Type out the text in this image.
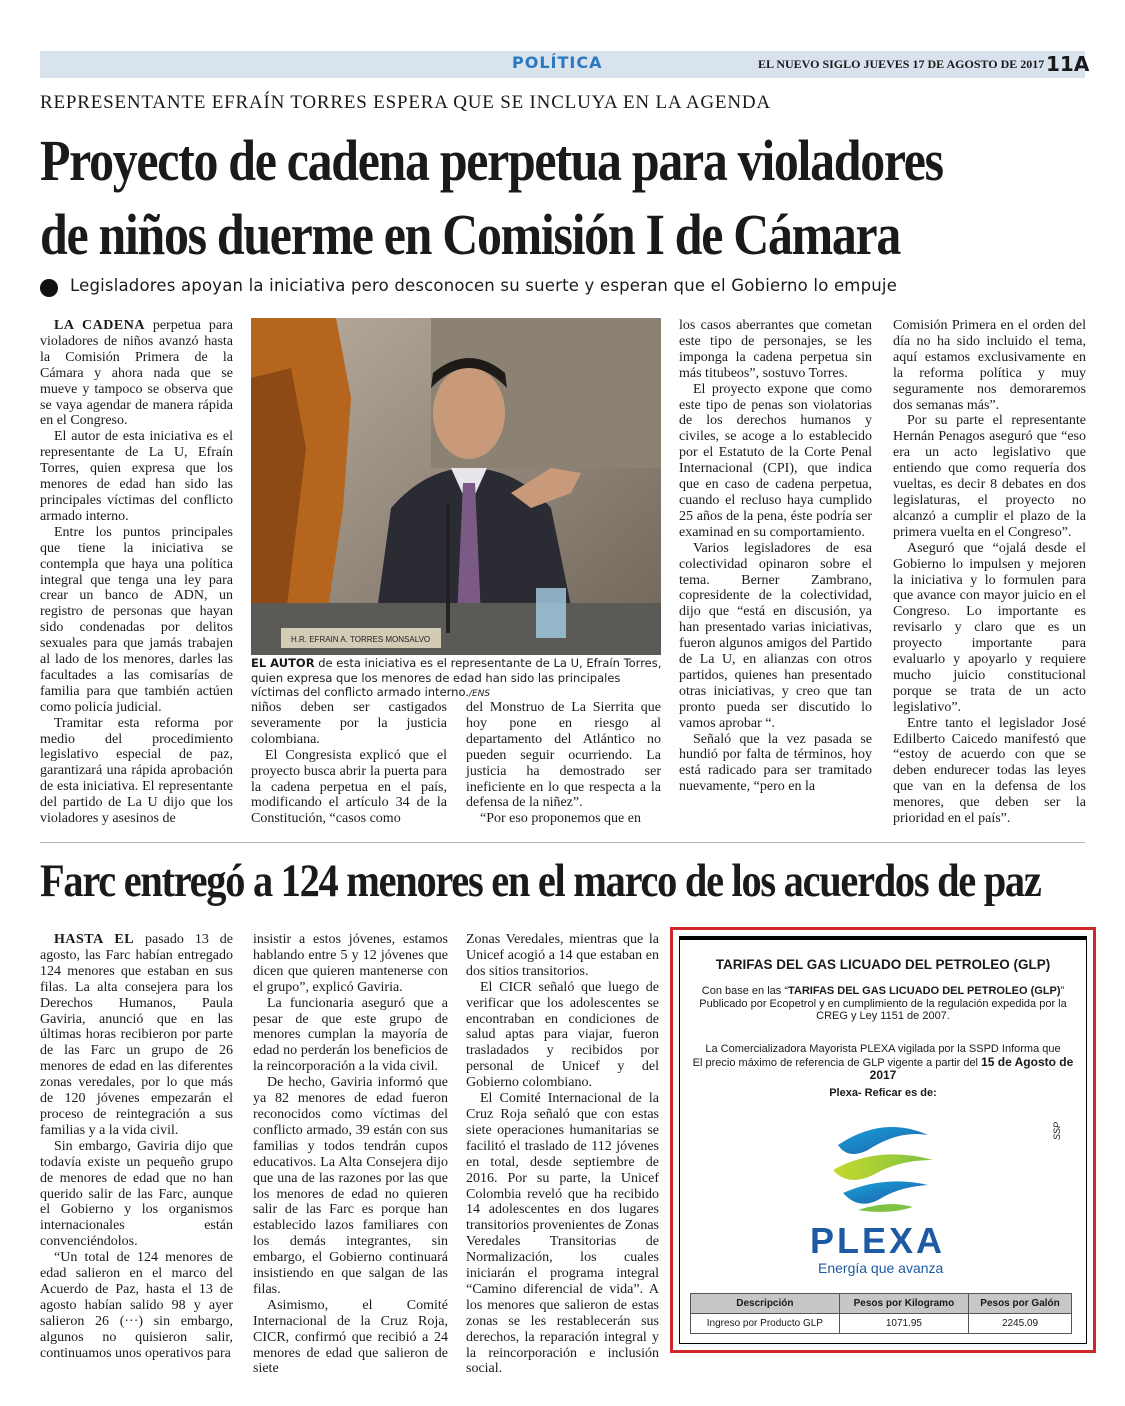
POLÍTICA	EL NUEVO SIGLO JUEVES 17 DE AGOSTO DE 2017 11A
REPRESENTANTE EFRAÍN TORRES ESPERA QUE SE INCLUYA EN LA AGENDA
Proyecto de cadena perpetua para violadores
de niños duerme en Comisión I de Cámara
Legisladores apoyan la iniciativa pero desconocen su suerte y esperan que el Gobierno lo empuje

LA CADENA perpetua para violadores de niños avanzó hasta la Comisión Primera de la Cámara y ahora nada que se mueve y tampoco se observa que se vaya agendar de manera rápida en el Congreso.

El autor de esta iniciativa es el representante de La U, Efraín Torres, quien expresa que los menores de edad han sido las principales víctimas del conflicto armado interno.

Entre los puntos principales que tiene la iniciativa se contempla que haya una política integral que tenga una ley para crear un banco de ADN, un registro de personas que hayan sido condenadas por delitos sexuales para que jamás trabajen al lado de los menores, darles las facultades a las comisarías de familia para que también actúen como policía judicial.

Tramitar esta reforma por medio del procedimiento legislativo especial de paz, garantizará una rápida aprobación de esta iniciativa. El representante del partido de La U dijo que los violadores y asesinos de

H.R. EFRAIN A. TORRES MONSALVO
EL AUTOR de esta iniciativa es el representante de La U, Efraín Torres, quien expresa que los menores de edad han sido las principales víctimas del conflicto armado interno./ENS

niños deben ser castigados severamente por la justicia colombiana.

El Congresista explicó que el proyecto busca abrir la puerta para la cadena perpetua en el país, modificando el artículo 34 de la Constitución, “casos como

del Monstruo de La Sierrita que hoy pone en riesgo al departamento del Atlántico no pueden seguir ocurriendo. La justicia ha demostrado ser ineficiente en lo que respecta a la defensa de la niñez”.

“Por eso proponemos que en

los casos aberrantes que cometan este tipo de personajes, se les imponga la cadena perpetua sin más titubeos”, sostuvo Torres.

El proyecto expone que como este tipo de penas son violatorias de los derechos humanos y civiles, se acoge a lo establecido por el Estatuto de la Corte Penal Internacional (CPI), que indica que en caso de cadena perpetua, cuando el recluso haya cumplido 25 años de la pena, éste podría ser examinad en su comportamiento.

Varios legisladores de esa colectividad opinaron sobre el tema. Berner Zambrano, copresidente de la colectividad, dijo que “está en discusión, ya han presentado varias iniciativas, fueron algunos amigos del Partido de La U, en alianzas con otros partidos, quienes han presentado otras iniciativas, y creo que tan pronto pueda ser discutido lo vamos aprobar “.

Señaló que la vez pasada se hundió por falta de términos, hoy está radicado para ser tramitado nuevamente, “pero en la

Comisión Primera en el orden del día no ha sido incluido el tema, aquí estamos exclusivamente en la reforma política y muy seguramente nos demoraremos dos semanas más”.

Por su parte el representante Hernán Penagos aseguró que “eso era un acto legislativo que entiendo que como requería dos vueltas, es decir 8 debates en dos legislaturas, el proyecto no alcanzó a cumplir el plazo de la primera vuelta en el Congreso”.

Aseguró que “ojalá desde el Gobierno lo impulsen y mejoren la iniciativa y lo formulen para que avance con mayor juicio en el Congreso. Lo importante es revisarlo y claro que es un proyecto importante para evaluarlo y apoyarlo y requiere mucho juicio constitucional porque se trata de un acto legislativo”.

Entre tanto el legislador José Edilberto Caicedo manifestó que “estoy de acuerdo con que se deben endurecer todas las leyes que van en la defensa de los menores, que deben ser la prioridad en el país”.

Farc entregó a 124 menores en el marco de los acuerdos de paz

HASTA EL pasado 13 de agosto, las Farc habían entregado 124 menores que estaban en sus filas. La alta consejera para los Derechos Humanos, Paula Gaviria, anunció que en las últimas horas recibieron por parte de las Farc un grupo de 26 menores de edad en las diferentes zonas veredales, por lo que más de 120 jóvenes empezarán el proceso de reintegración a sus familias y a la vida civil.

Sin embargo, Gaviria dijo que todavía existe un pequeño grupo de menores de edad que no han querido salir de las Farc, aunque el Gobierno y los organismos internacionales están convenciéndolos.

“Un total de 124 menores de edad salieron en el marco del Acuerdo de Paz, hasta el 13 de agosto habían salido 98 y ayer salieron 26 (···) sin embargo, algunos no quisieron salir, continuamos unos operativos para

insistir a estos jóvenes, estamos hablando entre 5 y 12 jóvenes que dicen que quieren mantenerse con el grupo”, explicó Gaviria.

La funcionaria aseguró que a pesar de que este grupo de menores cumplan la mayoría de edad no perderán los beneficios de la reincorporación a la vida civil.

De hecho, Gaviria informó que ya 82 menores de edad fueron reconocidos como víctimas del conflicto armado, 39 están con sus familias y todos tendrán cupos educativos. La Alta Consejera dijo que una de las razones por las que los menores de edad no quieren salir de las Farc es porque han establecido lazos familiares con los demás integrantes, sin embargo, el Gobierno continuará insistiendo en que salgan de las filas.

Asimismo, el Comité Internacional de la Cruz Roja, CICR, confirmó que recibió a 24 menores de edad que salieron de siete

Zonas Veredales, mientras que la Unicef acogió a 14 que estaban en dos sitios transitorios.

El CICR señaló que luego de verificar que los adolescentes se encontraban en condiciones de salud aptas para viajar, fueron trasladados y recibidos por personal de Unicef y del Gobierno colombiano.

El Comité Internacional de la Cruz Roja señaló que con estas siete operaciones humanitarias se facilitó el traslado de 112 jóvenes en total, desde septiembre de 2016. Por su parte, la Unicef Colombia reveló que ha recibido 14 adolescentes en dos lugares transitorios provenientes de Zonas Veredales Transitorias de Normalización, los cuales iniciarán el programa integral “Camino diferencial de vida”. A los menores que salieron de estas zonas se les restablecerán sus derechos, la reparación integral y la reincorporación e inclusión social.

TARIFAS DEL GAS LICUADO DEL PETROLEO (GLP)
Con base en las “TARIFAS DEL GAS LICUADO DEL PETROLEO (GLP)”
Publicado por Ecopetrol y en cumplimiento de la regulación expedida por la
CREG y Ley 1151 de 2007.
La Comercializadora Mayorista PLEXA vigilada por la SSPD Informa que
El precio máximo de referencia de GLP vigente a partir del 15 de Agosto de 2017
Plexa- Reficar es de:
PLEXA
Energía que avanza
SSP
Descripción	Pesos por Kilogramo	Pesos por Galón
Ingreso por Producto GLP	1071.95	2245.09
